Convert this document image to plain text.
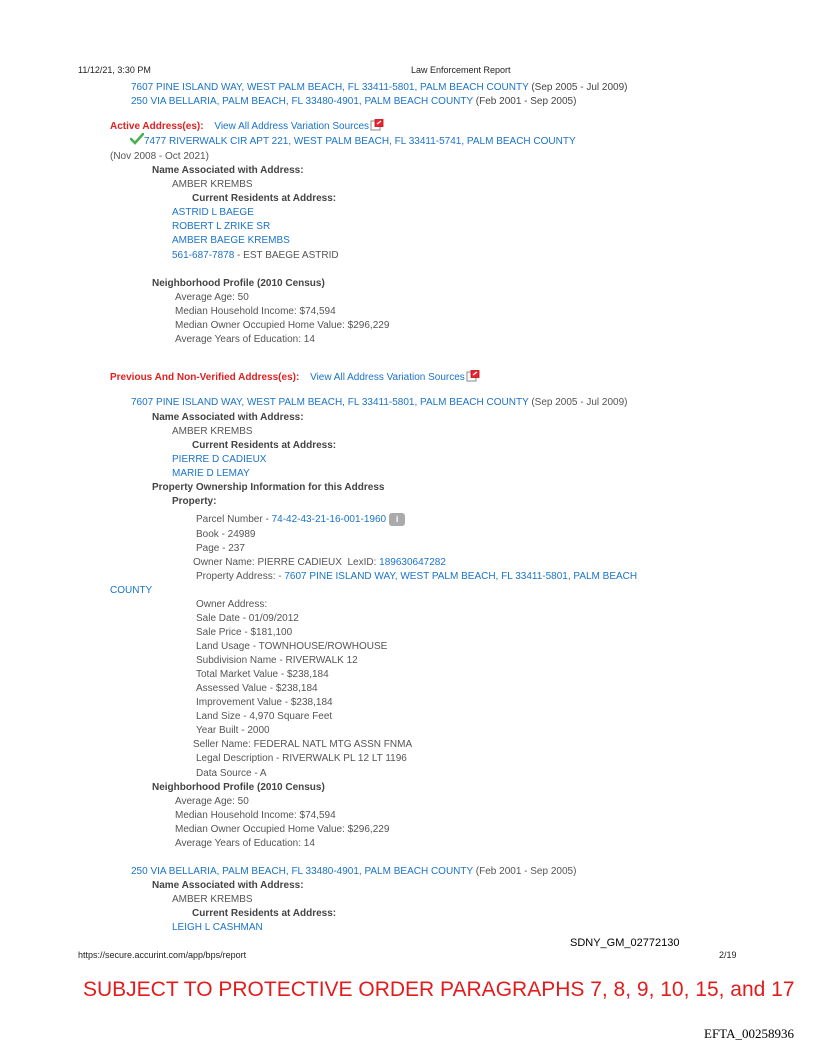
11/12/21, 3:30 PM	Law Enforcement Report
7607 PINE ISLAND WAY, WEST PALM BEACH, FL 33411-5801, PALM BEACH COUNTY (Sep 2005 - Jul 2009)
250 VIA BELLARIA, PALM BEACH, FL 33480-4901, PALM BEACH COUNTY (Feb 2001 - Sep 2005)
Active Address(es): View All Address Variation Sources
7477 RIVERWALK CIR APT 221, WEST PALM BEACH, FL 33411-5741, PALM BEACH COUNTY
(Nov 2008 - Oct 2021)
Name Associated with Address:
AMBER KREMBS
Current Residents at Address:
ASTRID L BAEGE
ROBERT L ZRIKE SR
AMBER BAEGE KREMBS
561-687-7878 - EST BAEGE ASTRID
Neighborhood Profile (2010 Census)
Average Age: 50
Median Household Income: $74,594
Median Owner Occupied Home Value: $296,229
Average Years of Education: 14
Previous And Non-Verified Address(es): View All Address Variation Sources
7607 PINE ISLAND WAY, WEST PALM BEACH, FL 33411-5801, PALM BEACH COUNTY (Sep 2005 - Jul 2009)
Name Associated with Address:
AMBER KREMBS
Current Residents at Address:
PIERRE D CADIEUX
MARIE D LEMAY
Property Ownership Information for this Address
Property:
Parcel Number - 74-42-43-21-16-001-1960 i
Book - 24989
Page - 237
Owner Name: PIERRE CADIEUX  LexID: 189630647282
Property Address: - 7607 PINE ISLAND WAY, WEST PALM BEACH, FL 33411-5801, PALM BEACH
COUNTY
Owner Address:
Sale Date - 01/09/2012
Sale Price - $181,100
Land Usage - TOWNHOUSE/ROWHOUSE
Subdivision Name - RIVERWALK 12
Total Market Value - $238,184
Assessed Value - $238,184
Improvement Value - $238,184
Land Size - 4,970 Square Feet
Year Built - 2000
Seller Name: FEDERAL NATL MTG ASSN FNMA
Legal Description - RIVERWALK PL 12 LT 1196
Data Source - A
Neighborhood Profile (2010 Census)
Average Age: 50
Median Household Income: $74,594
Median Owner Occupied Home Value: $296,229
Average Years of Education: 14
250 VIA BELLARIA, PALM BEACH, FL 33480-4901, PALM BEACH COUNTY (Feb 2001 - Sep 2005)
Name Associated with Address:
AMBER KREMBS
Current Residents at Address:
LEIGH L CASHMAN
SDNY_GM_02772130
https://secure.accurint.com/app/bps/report	2/19
SUBJECT TO PROTECTIVE ORDER PARAGRAPHS 7, 8, 9, 10, 15, and 17
EFTA_00258936
